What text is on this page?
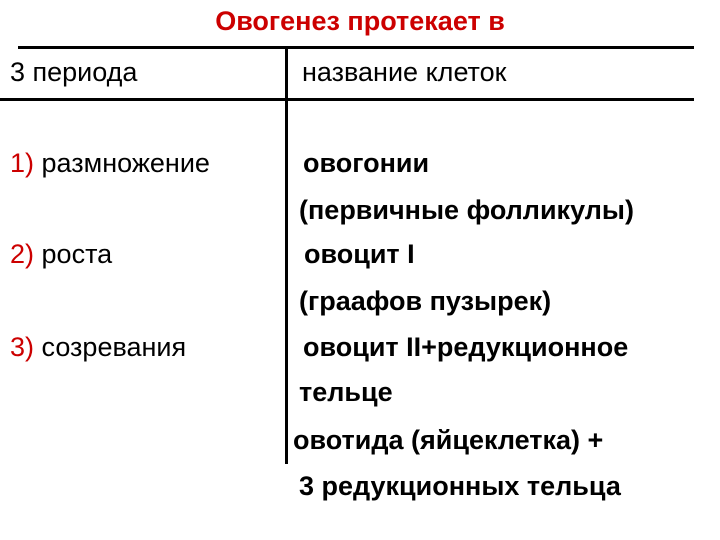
Овогенез протекает в
3 периода	название клеток
1) размножение
2) роста
3) созревания
овогонии
(первичные фолликулы)
овоцит I
(граафов пузырек)
овоцит II+редукционное
тельце
овотида (яйцеклетка) +
3 редукционных тельца
